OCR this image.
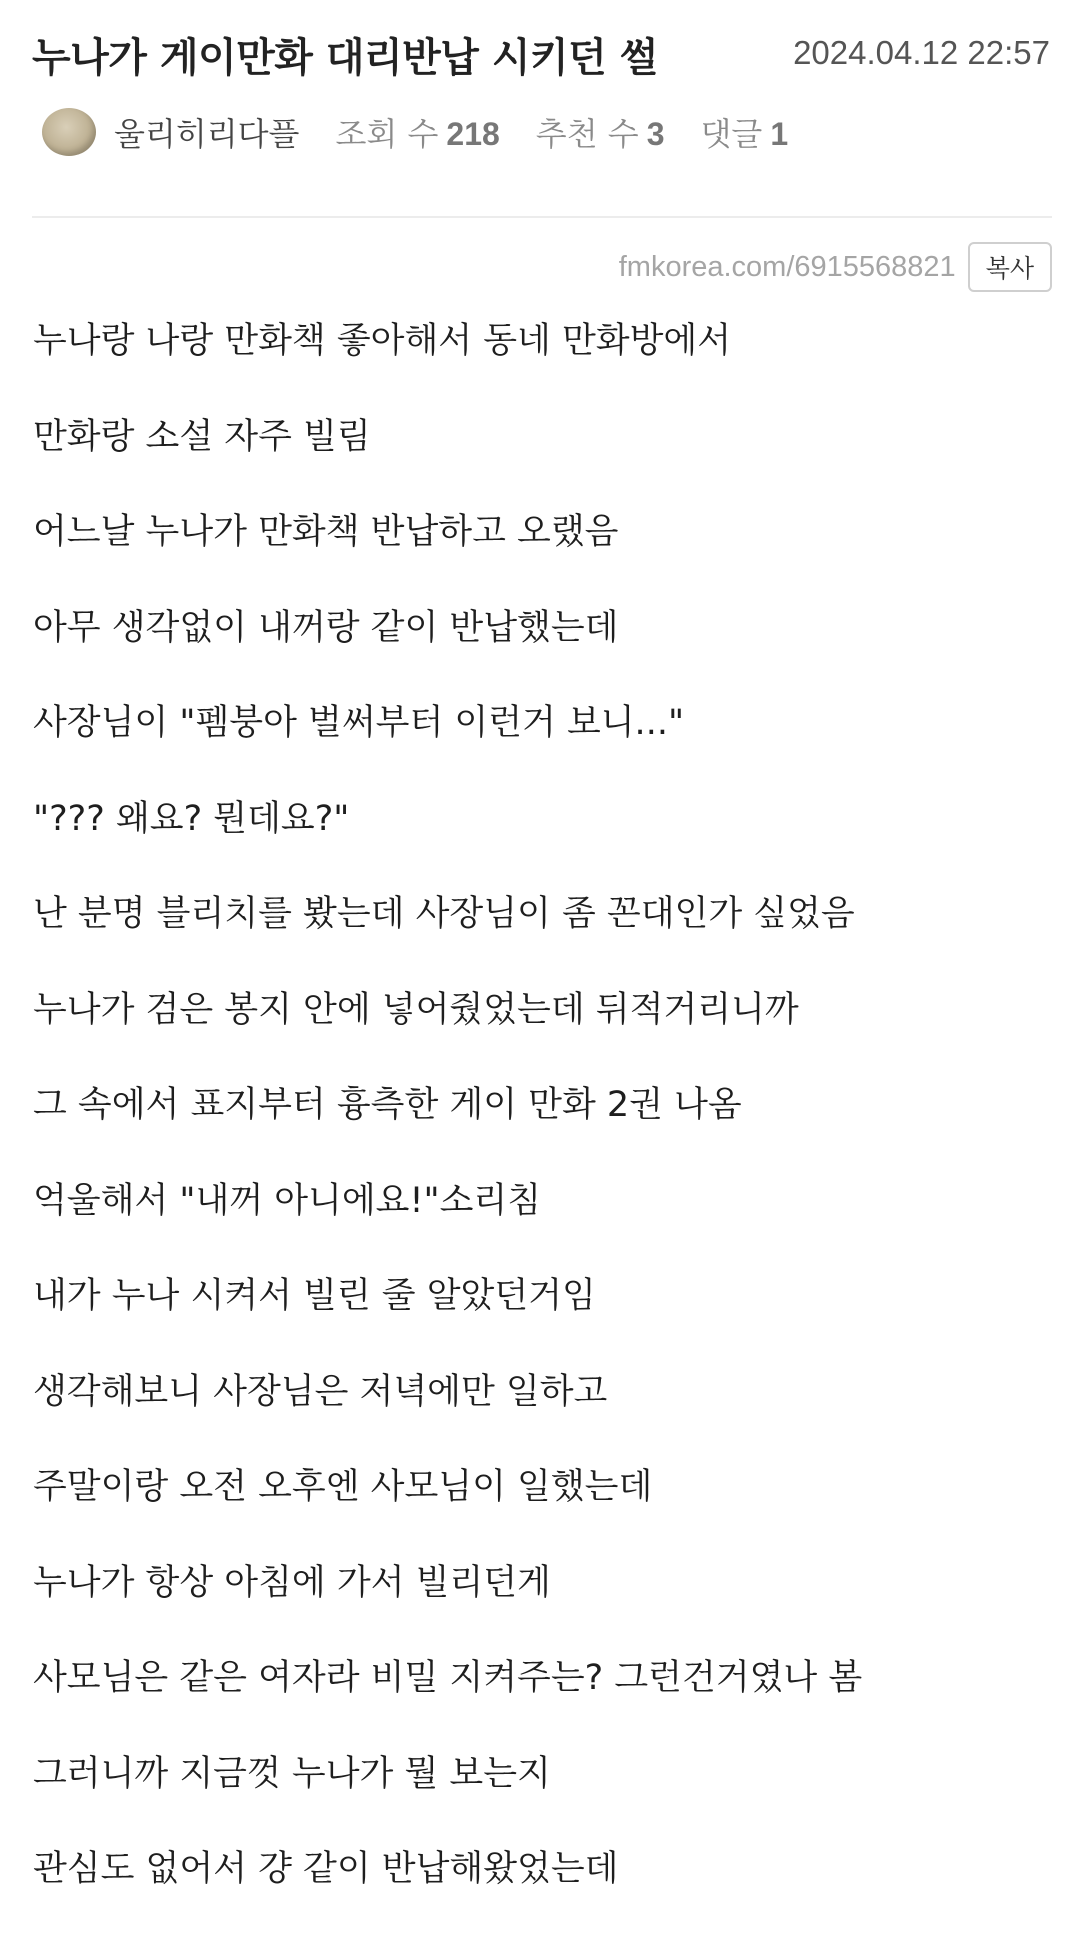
누나가 게이만화 대리반납 시키던 썰	2024.04.12 22:57
울리히리다플 조회 수 218 추천 수 3 댓글 1
fmkorea.com/6915568821	복사
누나랑 나랑 만화책 좋아해서 동네 만화방에서
만화랑 소설 자주 빌림
어느날 누나가 만화책 반납하고 오랬음
아무 생각없이 내꺼랑 같이 반납했는데
사장님이 "펨붕아 벌써부터 이런거 보니..."
"??? 왜요? 뭔데요?"
난 분명 블리치를 봤는데 사장님이 좀 꼰대인가 싶었음
누나가 검은 봉지 안에 넣어줬었는데 뒤적거리니까
그 속에서 표지부터 흉측한 게이 만화 2권 나옴
억울해서 "내꺼 아니에요!"소리침
내가 누나 시켜서 빌린 줄 알았던거임
생각해보니 사장님은 저녁에만 일하고
주말이랑 오전 오후엔 사모님이 일했는데
누나가 항상 아침에 가서 빌리던게
사모님은 같은 여자라 비밀 지켜주는? 그런건거였나 봄
그러니까 지금껏 누나가 뭘 보는지
관심도 없어서 걍 같이 반납해왔었는데
